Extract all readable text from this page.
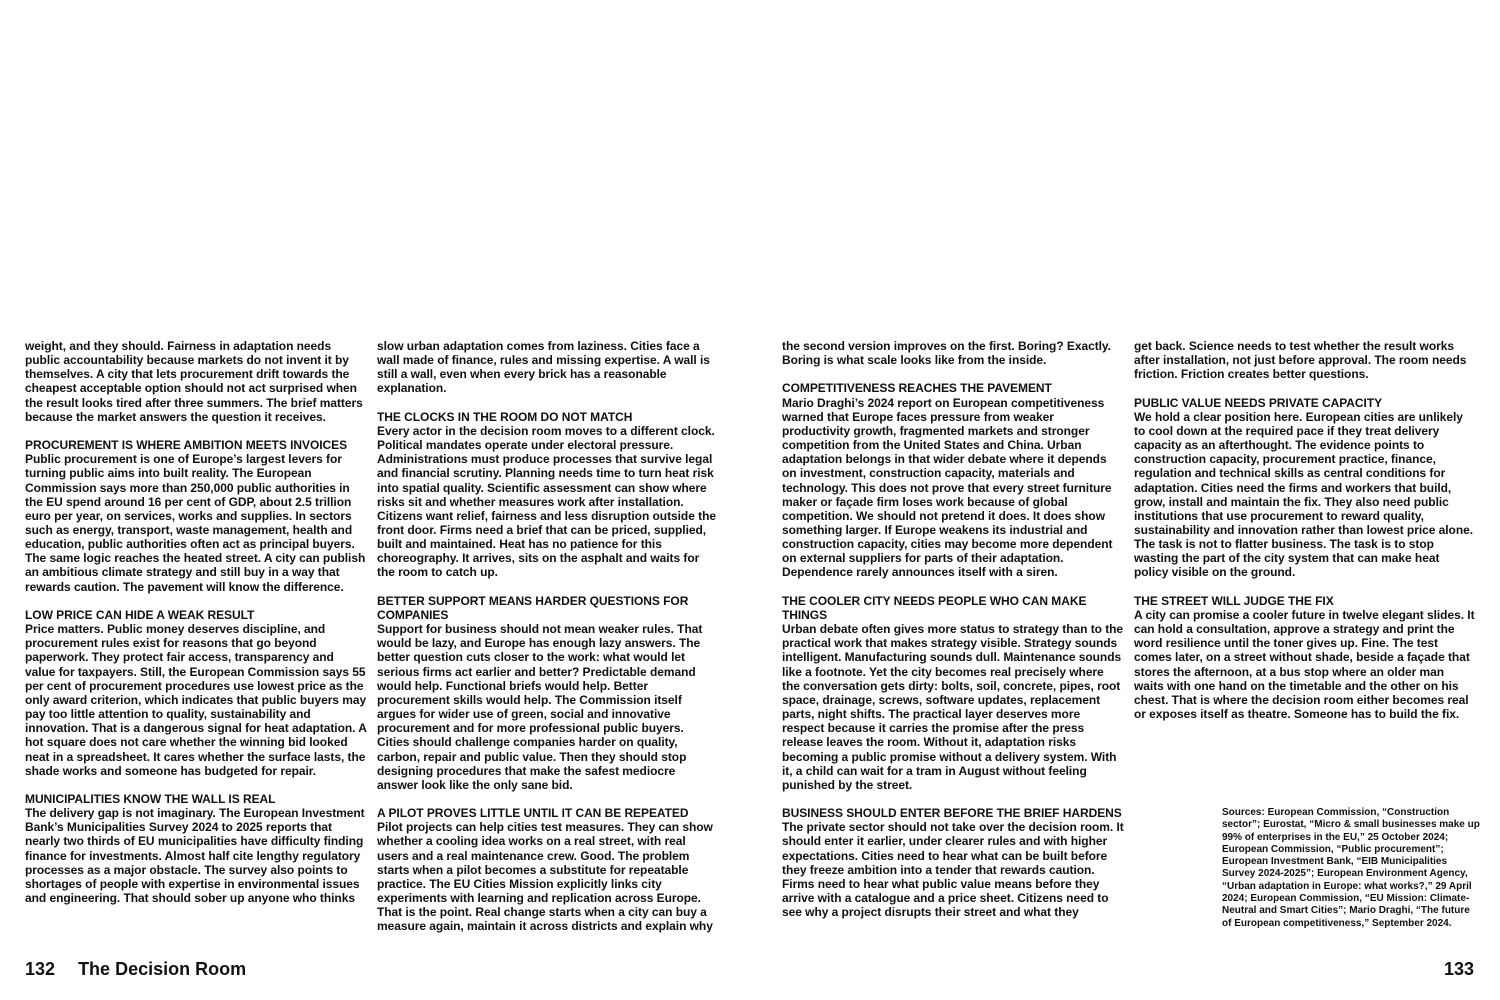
weight, and they should. Fairness in adaptation needs public accountability because markets do not invent it by themselves. A city that lets procurement drift towards the cheapest acceptable option should not act surprised when the result looks tired after three summers. The brief matters because the market answers the question it receives.
PROCUREMENT IS WHERE AMBITION MEETS INVOICES
Public procurement is one of Europe’s largest levers for turning public aims into built reality. The European Commission says more than 250,000 public authorities in the EU spend around 16 per cent of GDP, about 2.5 trillion euro per year, on services, works and supplies. In sectors such as energy, transport, waste management, health and education, public authorities often act as principal buyers. The same logic reaches the heated street. A city can publish an ambitious climate strategy and still buy in a way that rewards caution. The pavement will know the difference.
LOW PRICE CAN HIDE A WEAK RESULT
Price matters. Public money deserves discipline, and procurement rules exist for reasons that go beyond paperwork. They protect fair access, transparency and value for taxpayers. Still, the European Commission says 55 per cent of procurement procedures use lowest price as the only award criterion, which indicates that public buyers may pay too little attention to quality, sustainability and innovation. That is a dangerous signal for heat adaptation. A hot square does not care whether the winning bid looked neat in a spreadsheet. It cares whether the surface lasts, the shade works and someone has budgeted for repair.
MUNICIPALITIES KNOW THE WALL IS REAL
The delivery gap is not imaginary. The European Investment Bank’s Municipalities Survey 2024 to 2025 reports that nearly two thirds of EU municipalities have difficulty finding finance for investments. Almost half cite lengthy regulatory processes as a major obstacle. The survey also points to shortages of people with expertise in environmental issues and engineering. That should sober up anyone who thinks
slow urban adaptation comes from laziness. Cities face a wall made of finance, rules and missing expertise. A wall is still a wall, even when every brick has a reasonable explanation.
THE CLOCKS IN THE ROOM DO NOT MATCH
Every actor in the decision room moves to a different clock. Political mandates operate under electoral pressure. Administrations must produce processes that survive legal and financial scrutiny. Planning needs time to turn heat risk into spatial quality. Scientific assessment can show where risks sit and whether measures work after installation. Citizens want relief, fairness and less disruption outside the front door. Firms need a brief that can be priced, supplied, built and maintained. Heat has no patience for this choreography. It arrives, sits on the asphalt and waits for the room to catch up.
BETTER SUPPORT MEANS HARDER QUESTIONS FOR COMPANIES
Support for business should not mean weaker rules. That would be lazy, and Europe has enough lazy answers. The better question cuts closer to the work: what would let serious firms act earlier and better? Predictable demand would help. Functional briefs would help. Better procurement skills would help. The Commission itself argues for wider use of green, social and innovative procurement and for more professional public buyers. Cities should challenge companies harder on quality, carbon, repair and public value. Then they should stop designing procedures that make the safest mediocre answer look like the only sane bid.
A PILOT PROVES LITTLE UNTIL IT CAN BE REPEATED
Pilot projects can help cities test measures. They can show whether a cooling idea works on a real street, with real users and a real maintenance crew. Good. The problem starts when a pilot becomes a substitute for repeatable practice. The EU Cities Mission explicitly links city experiments with learning and replication across Europe. That is the point. Real change starts when a city can buy a measure again, maintain it across districts and explain why
the second version improves on the first. Boring? Exactly. Boring is what scale looks like from the inside.
COMPETITIVENESS REACHES THE PAVEMENT
Mario Draghi’s 2024 report on European competitiveness warned that Europe faces pressure from weaker productivity growth, fragmented markets and stronger competition from the United States and China. Urban adaptation belongs in that wider debate where it depends on investment, construction capacity, materials and technology. This does not prove that every street furniture maker or façade firm loses work because of global competition. We should not pretend it does. It does show something larger. If Europe weakens its industrial and construction capacity, cities may become more dependent on external suppliers for parts of their adaptation. Dependence rarely announces itself with a siren.
THE COOLER CITY NEEDS PEOPLE WHO CAN MAKE THINGS
Urban debate often gives more status to strategy than to the practical work that makes strategy visible. Strategy sounds intelligent. Manufacturing sounds dull. Maintenance sounds like a footnote. Yet the city becomes real precisely where the conversation gets dirty: bolts, soil, concrete, pipes, root space, drainage, screws, software updates, replacement parts, night shifts. The practical layer deserves more respect because it carries the promise after the press release leaves the room. Without it, adaptation risks becoming a public promise without a delivery system. With it, a child can wait for a tram in August without feeling punished by the street.
BUSINESS SHOULD ENTER BEFORE THE BRIEF HARDENS
The private sector should not take over the decision room. It should enter it earlier, under clearer rules and with higher expectations. Cities need to hear what can be built before they freeze ambition into a tender that rewards caution. Firms need to hear what public value means before they arrive with a catalogue and a price sheet. Citizens need to see why a project disrupts their street and what they
get back. Science needs to test whether the result works after installation, not just before approval. The room needs friction. Friction creates better questions.
PUBLIC VALUE NEEDS PRIVATE CAPACITY
We hold a clear position here. European cities are unlikely to cool down at the required pace if they treat delivery capacity as an afterthought. The evidence points to construction capacity, procurement practice, finance, regulation and technical skills as central conditions for adaptation. Cities need the firms and workers that build, grow, install and maintain the fix. They also need public institutions that use procurement to reward quality, sustainability and innovation rather than lowest price alone. The task is not to flatter business. The task is to stop wasting the part of the city system that can make heat policy visible on the ground.
THE STREET WILL JUDGE THE FIX
A city can promise a cooler future in twelve elegant slides. It can hold a consultation, approve a strategy and print the word resilience until the toner gives up. Fine. The test comes later, on a street without shade, beside a façade that stores the afternoon, at a bus stop where an older man waits with one hand on the timetable and the other on his chest. That is where the decision room either becomes real or exposes itself as theatre. Someone has to build the fix.
Sources: European Commission, “Construction sector”; Eurostat, “Micro & small businesses make up 99% of enterprises in the EU,” 25 October 2024; European Commission, “Public procurement”; European Investment Bank, “EIB Municipalities Survey 2024-2025”; European Environment Agency, “Urban adaptation in Europe: what works?,” 29 April 2024; European Commission, “EU Mission: Climate-Neutral and Smart Cities”; Mario Draghi, “The future of European competitiveness,” September 2024.
132 The Decision Room	133
